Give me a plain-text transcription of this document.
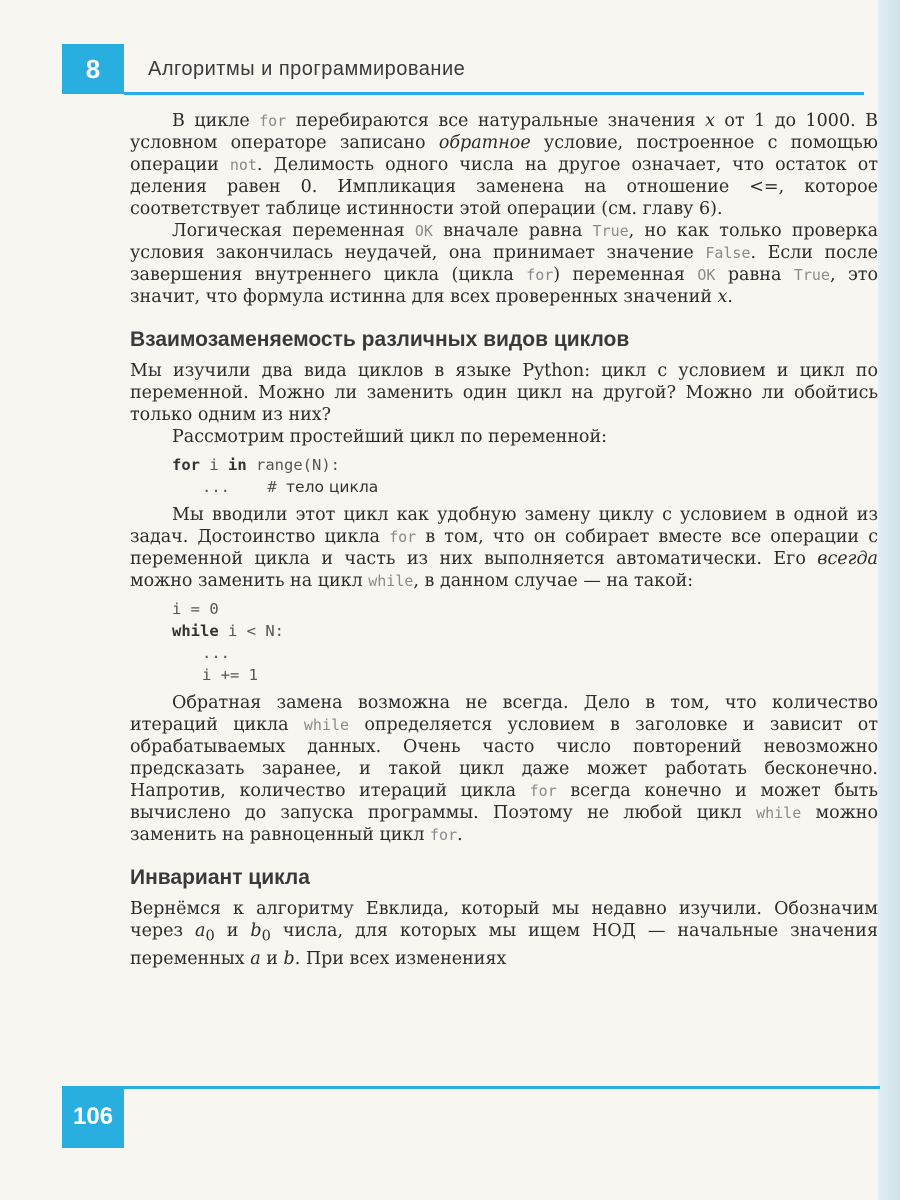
8 Алгоритмы и программирование

В цикле for перебираются все натуральные значения x от 1 до 1000. В условном операторе записано обратное условие, построенное с помощью операции not. Делимость одного числа на другое означает, что остаток от деления равен 0. Импликация заменена на отношение <=, которое соответствует таблице истинности этой операции (см. главу 6).

Логическая переменная OK вначале равна True, но как только проверка условия закончилась неудачей, она принимает значение False. Если после завершения внутреннего цикла (цикла for) переменная OK равна True, это значит, что формула истинна для всех проверенных значений x.

Взаимозаменяемость различных видов циклов

Мы изучили два вида циклов в языке Python: цикл с условием и цикл по переменной. Можно ли заменить один цикл на другой? Можно ли обойтись только одним из них?

Рассмотрим простейший цикл по переменной:

for i in range(N):
...    # тело цикла

Мы вводили этот цикл как удобную замену циклу с условием в одной из задач. Достоинство цикла for в том, что он собирает вместе все операции с переменной цикла и часть из них выполняется автоматически. Его всегда можно заменить на цикл while, в данном случае — на такой:

i = 0
while i < N:
...
i += 1

Обратная замена возможна не всегда. Дело в том, что количество итераций цикла while определяется условием в заголовке и зависит от обрабатываемых данных. Очень часто число повторений невозможно предсказать заранее, и такой цикл даже может работать бесконечно. Напротив, количество итераций цикла for всегда конечно и может быть вычислено до запуска программы. Поэтому не любой цикл while можно заменить на равноценный цикл for.

Инвариант цикла

Вернёмся к алгоритму Евклида, который мы недавно изучили. Обозначим через $a_0$ и $b_0$ числа, для которых мы ищем НОД — начальные значения переменных a и b. При всех изменениях

106
